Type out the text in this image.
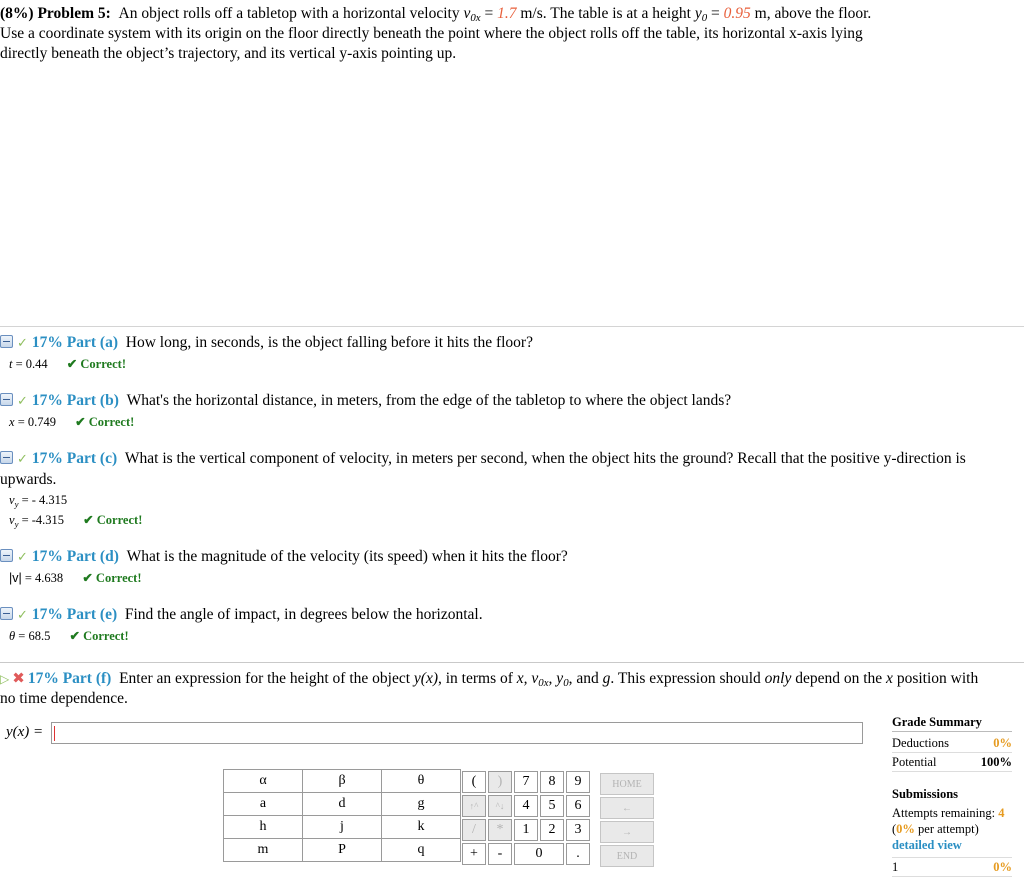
(8%) Problem 5: An object rolls off a tabletop with a horizontal velocity $v_{0x} = 1.7$ m/s. The table is at a height $y_0 = 0.95$ m, above the floor.
Use a coordinate system with its origin on the floor directly beneath the point where the object rolls off the table, its horizontal x-axis lying
directly beneath the object’s trajectory, and its vertical y-axis pointing up.
✓ 17% Part (a) How long, in seconds, is the object falling before it hits the floor?
t = 0.44 ✔ Correct!
✓ 17% Part (b) What's the horizontal distance, in meters, from the edge of the tabletop to where the object lands?
x = 0.749 ✔ Correct!
✓ 17% Part (c) What is the vertical component of velocity, in meters per second, when the object hits the ground? Recall that the positive y-direction is
upwards.
$v_y$ = - 4.315
$v_y = -4.315$ ✔ Correct!
✓ 17% Part (d) What is the magnitude of the velocity (its speed) when it hits the floor?
|v| = 4.638 ✔ Correct!
✓ 17% Part (e) Find the angle of impact, in degrees below the horizontal.
θ = 68.5 ✔ Correct!
▷ ✖ 17% Part (f) Enter an expression for the height of the object y(x), in terms of x, $v_{0x}$, $y_0$, and g. This expression should only depend on the x position with
no time dependence.
y(x) =
α	β	θ
a	d	g
h	j	k
m	P	q
(	)	7	8	9
↑^	^↓	4	5	6
/	*	1	2	3
+	-	0		.
HOME
←
→
END
Grade Summary
Deductions	0%
Potential	100%
Submissions
Attempts remaining: 4
(0% per attempt)
detailed view
1	0%
